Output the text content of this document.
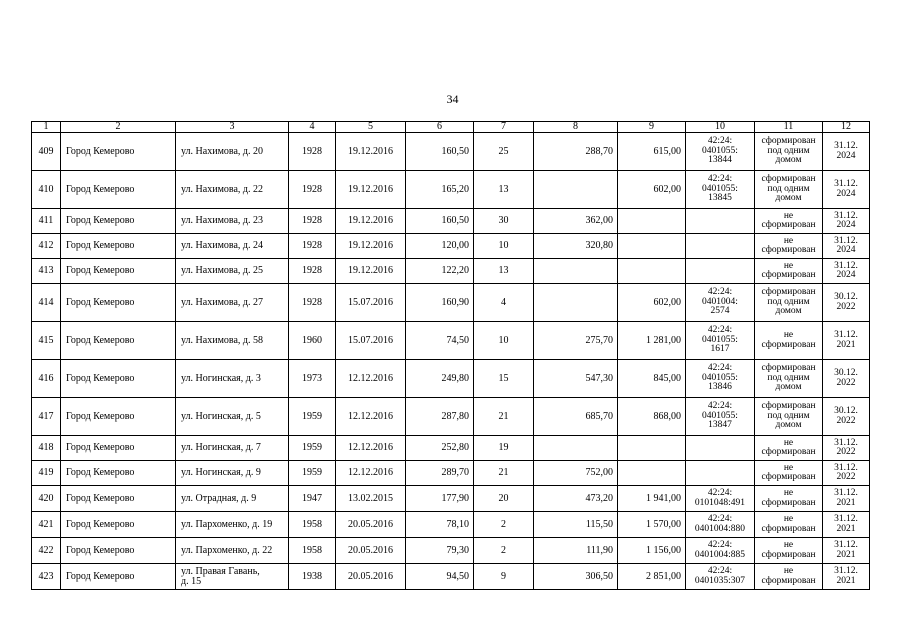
34
1	2	3	4	5	6	7	8	9	10	11	12
409	Город Кемерово	ул. Нахимова, д. 20	1928	19.12.2016	160,50	25	288,70	615,00	42:24:
0401055:
13844	сформирован
под одним
домом	31.12.
2024
410	Город Кемерово	ул. Нахимова, д. 22	1928	19.12.2016	165,20	13		602,00	42:24:
0401055:
13845	сформирован
под одним
домом	31.12.
2024
411	Город Кемерово	ул. Нахимова, д. 23	1928	19.12.2016	160,50	30	362,00			не
сформирован	31.12.
2024
412	Город Кемерово	ул. Нахимова, д. 24	1928	19.12.2016	120,00	10	320,80			не
сформирован	31.12.
2024
413	Город Кемерово	ул. Нахимова, д. 25	1928	19.12.2016	122,20	13				не
сформирован	31.12.
2024
414	Город Кемерово	ул. Нахимова, д. 27	1928	15.07.2016	160,90	4		602,00	42:24:
0401004:
2574	сформирован
под одним
домом	30.12.
2022
415	Город Кемерово	ул. Нахимова, д. 58	1960	15.07.2016	74,50	10	275,70	1 281,00	42:24:
0401055:
1617	не
сформирован	31.12.
2021
416	Город Кемерово	ул. Ногинская, д. 3	1973	12.12.2016	249,80	15	547,30	845,00	42:24:
0401055:
13846	сформирован
под одним
домом	30.12.
2022
417	Город Кемерово	ул. Ногинская, д. 5	1959	12.12.2016	287,80	21	685,70	868,00	42:24:
0401055:
13847	сформирован
под одним
домом	30.12.
2022
418	Город Кемерово	ул. Ногинская, д. 7	1959	12.12.2016	252,80	19				не
сформирован	31.12.
2022
419	Город Кемерово	ул. Ногинская, д. 9	1959	12.12.2016	289,70	21	752,00			не
сформирован	31.12.
2022
420	Город Кемерово	ул. Отрадная, д. 9	1947	13.02.2015	177,90	20	473,20	1 941,00	42:24:
0101048:491	не
сформирован	31.12.
2021
421	Город Кемерово	ул. Пархоменко, д. 19	1958	20.05.2016	78,10	2	115,50	1 570,00	42:24:
0401004:880	не
сформирован	31.12.
2021
422	Город Кемерово	ул. Пархоменко, д. 22	1958	20.05.2016	79,30	2	111,90	1 156,00	42:24:
0401004:885	не
сформирован	31.12.
2021
423	Город Кемерово	ул. Правая Гавань,
д. 15	1938	20.05.2016	94,50	9	306,50	2 851,00	42:24:
0401035:307	не
сформирован	31.12.
2021
